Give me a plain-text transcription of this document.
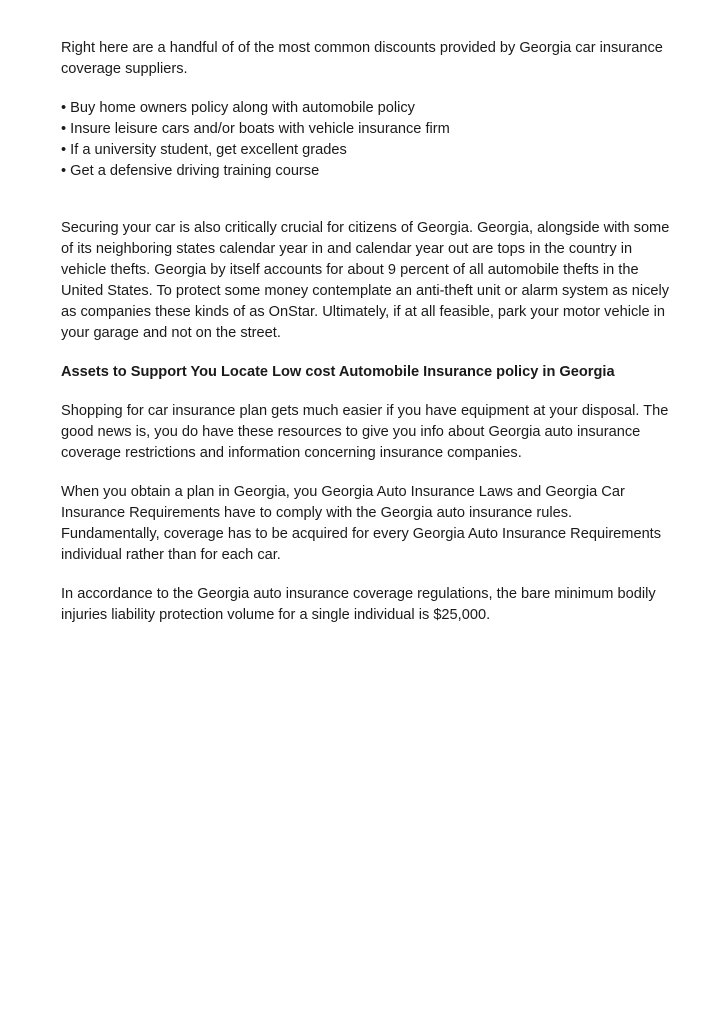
Right here are a handful of of the most common discounts provided by Georgia car insurance coverage suppliers.

• Buy home owners policy along with automobile policy
• Insure leisure cars and/or boats with vehicle insurance firm
• If a university student, get excellent grades
• Get a defensive driving training course

Securing your car is also critically crucial for citizens of Georgia. Georgia, alongside with some of its neighboring states calendar year in and calendar year out are tops in the country in vehicle thefts. Georgia by itself accounts for about 9 percent of all automobile thefts in the United States. To protect some money contemplate an anti-theft unit or alarm system as nicely as companies these kinds of as OnStar. Ultimately, if at all feasible, park your motor vehicle in your garage and not on the street.

Assets to Support You Locate Low cost Automobile Insurance policy in Georgia

Shopping for car insurance plan gets much easier if you have equipment at your disposal. The good news is, you do have these resources to give you info about Georgia auto insurance coverage restrictions and information concerning insurance companies.

When you obtain a plan in Georgia, you Georgia Auto Insurance Laws and Georgia Car Insurance Requirements have to comply with the Georgia auto insurance rules. Fundamentally, coverage has to be acquired for every Georgia Auto Insurance Requirements individual rather than for each car.

In accordance to the Georgia auto insurance coverage regulations, the bare minimum bodily injuries liability protection volume for a single individual is $25,000.
